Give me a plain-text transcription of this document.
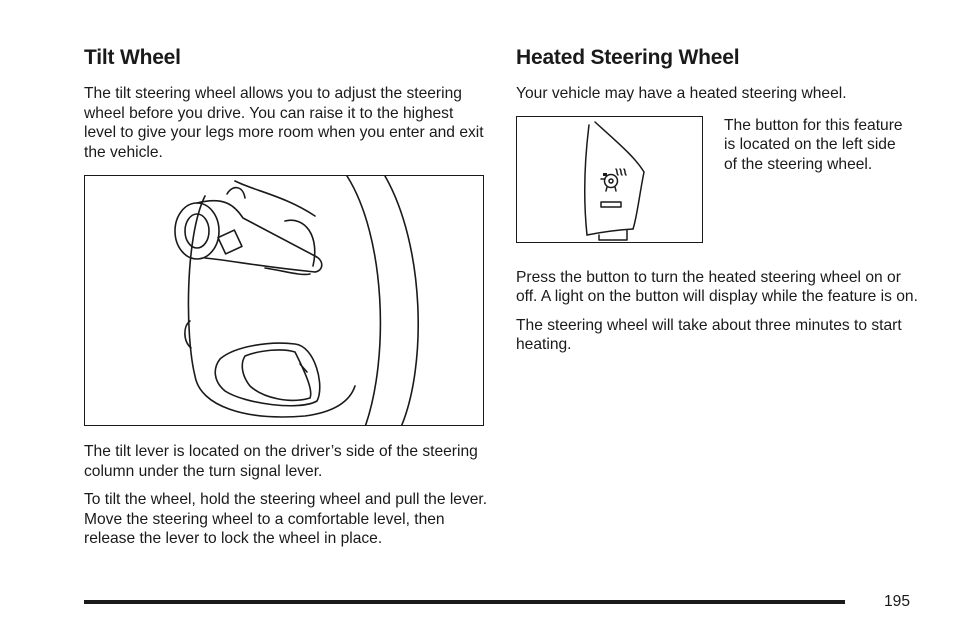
Tilt Wheel

The tilt steering wheel allows you to adjust the steering wheel before you drive. You can raise it to the highest level to give your legs more room when you enter and exit the vehicle.

The tilt lever is located on the driver’s side of the steering column under the turn signal lever.

To tilt the wheel, hold the steering wheel and pull the lever. Move the steering wheel to a comfortable level, then release the lever to lock the wheel in place.

Heated Steering Wheel

Your vehicle may have a heated steering wheel.

The button for this feature is located on the left side of the steering wheel.

Press the button to turn the heated steering wheel on or off. A light on the button will display while the feature is on.

The steering wheel will take about three minutes to start heating.

195
